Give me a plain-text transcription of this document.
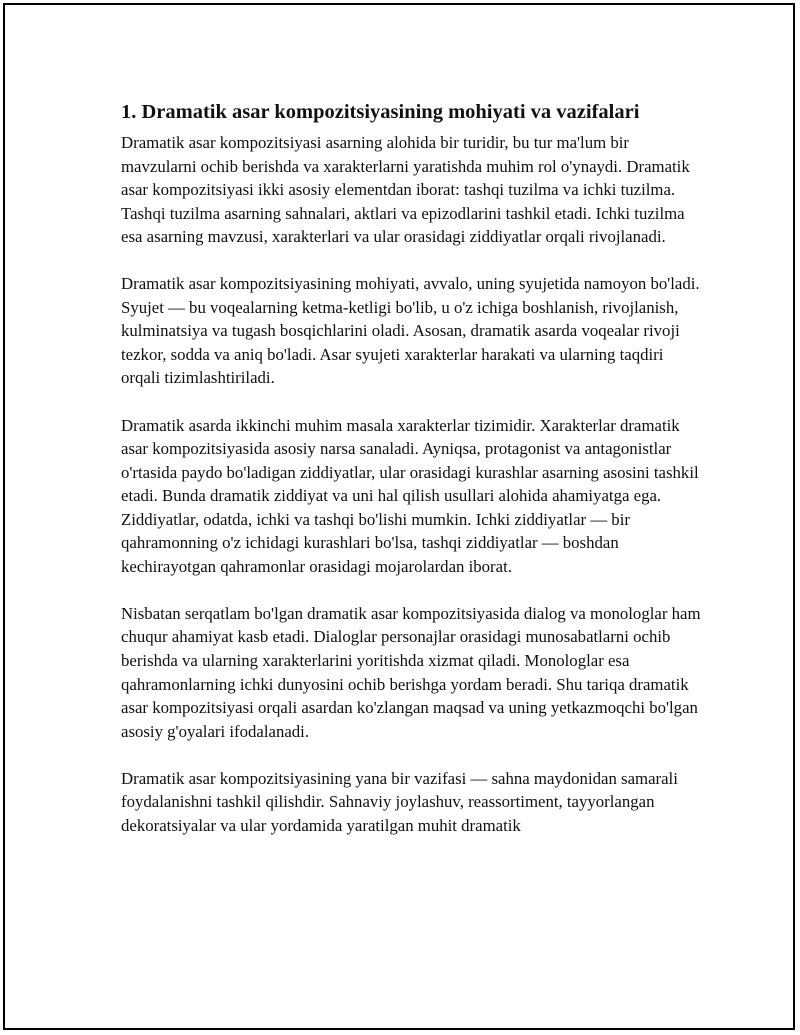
1. Dramatik asar kompozitsiyasining mohiyati va vazifalari

Dramatik asar kompozitsiyasi asarning alohida bir turidir, bu tur ma'lum bir mavzularni ochib berishda va xarakterlarni yaratishda muhim rol o'ynaydi. Dramatik asar kompozitsiyasi ikki asosiy elementdan iborat: tashqi tuzilma va ichki tuzilma. Tashqi tuzilma asarning sahnalari, aktlari va epizodlarini tashkil etadi. Ichki tuzilma esa asarning mavzusi, xarakterlari va ular orasidagi ziddiyatlar orqali rivojlanadi.

Dramatik asar kompozitsiyasining mohiyati, avvalo, uning syujetida namoyon bo'ladi. Syujet — bu voqealarning ketma-ketligi bo'lib, u o'z ichiga boshlanish, rivojlanish, kulminatsiya va tugash bosqichlarini oladi. Asosan, dramatik asarda voqealar rivoji tezkor, sodda va aniq bo'ladi. Asar syujeti xarakterlar harakati va ularning taqdiri orqali tizimlashtiriladi.

Dramatik asarda ikkinchi muhim masala xarakterlar tizimidir. Xarakterlar dramatik asar kompozitsiyasida asosiy narsa sanaladi. Ayniqsa, protagonist va antagonistlar o'rtasida paydo bo'ladigan ziddiyatlar, ular orasidagi kurashlar asarning asosini tashkil etadi. Bunda dramatik ziddiyat va uni hal qilish usullari alohida ahamiyatga ega. Ziddiyatlar, odatda, ichki va tashqi bo'lishi mumkin. Ichki ziddiyatlar — bir qahramonning o'z ichidagi kurashlari bo'lsa, tashqi ziddiyatlar — boshdan kechirayotgan qahramonlar orasidagi mojarolardan iborat.

Nisbatan serqatlam bo'lgan dramatik asar kompozitsiyasida dialog va monologlar ham chuqur ahamiyat kasb etadi. Dialoglar personajlar orasidagi munosabatlarni ochib berishda va ularning xarakterlarini yoritishda xizmat qiladi. Monologlar esa qahramonlarning ichki dunyosini ochib berishga yordam beradi. Shu tariqa dramatik asar kompozitsiyasi orqali asardan ko'zlangan maqsad va uning yetkazmoqchi bo'lgan asosiy g'oyalari ifodalanadi.

Dramatik asar kompozitsiyasining yana bir vazifasi — sahna maydonidan samarali foydalanishni tashkil qilishdir. Sahnaviy joylashuv, reassortiment, tayyorlangan dekoratsiyalar va ular yordamida yaratilgan muhit dramatik
